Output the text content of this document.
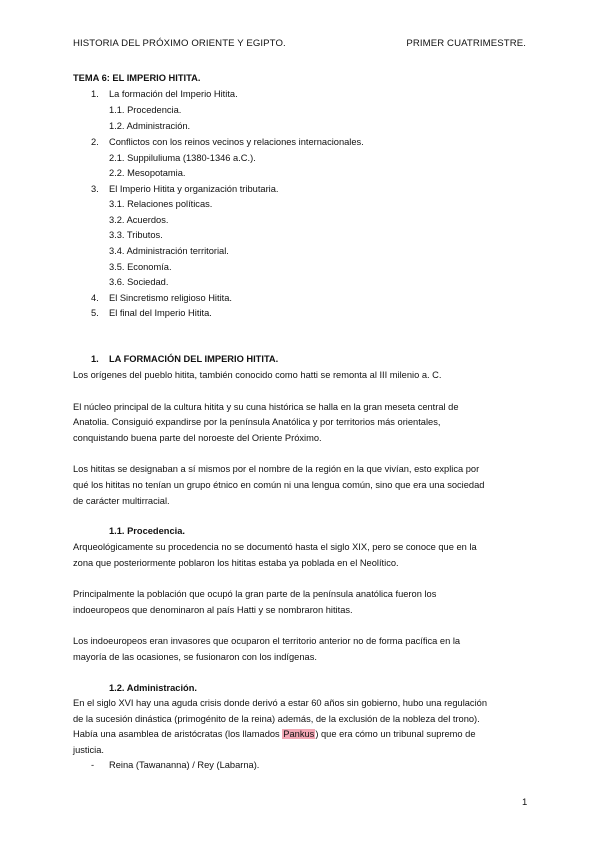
HISTORIA DEL PRÓXIMO ORIENTE Y EGIPTO.	PRIMER CUATRIMESTRE.
TEMA 6: EL IMPERIO HITITA.
1. La formación del Imperio Hitita.
1.1. Procedencia.
1.2. Administración.
2. Conflictos con los reinos vecinos y relaciones internacionales.
2.1. Suppiluliuma (1380-1346 a.C.).
2.2. Mesopotamia.
3. El Imperio Hitita y organización tributaria.
3.1. Relaciones políticas.
3.2. Acuerdos.
3.3. Tributos.
3.4. Administración territorial.
3.5. Economía.
3.6. Sociedad.
4. El Sincretismo religioso Hitita.
5. El final del Imperio Hitita.
1. LA FORMACIÓN DEL IMPERIO HITITA.
Los orígenes del pueblo hitita, también conocido como hatti se remonta al III milenio a. C.
El núcleo principal de la cultura hitita y su cuna histórica se halla en la gran meseta central de
Anatolia. Consiguió expandirse por la península Anatólica y por territorios más orientales,
conquistando buena parte del noroeste del Oriente Próximo.
Los hititas se designaban a sí mismos por el nombre de la región en la que vivían, esto explica por
qué los hititas no tenían un grupo étnico en común ni una lengua común, sino que era una sociedad
de carácter multirracial.
1.1. Procedencia.
Arqueológicamente su procedencia no se documentó hasta el siglo XIX, pero se conoce que en la
zona que posteriormente poblaron los hititas estaba ya poblada en el Neolítico.
Principalmente la población que ocupó la gran parte de la península anatólica fueron los
indoeuropeos que denominaron al país Hatti y se nombraron hititas.
Los indoeuropeos eran invasores que ocuparon el territorio anterior no de forma pacífica en la
mayoría de las ocasiones, se fusionaron con los indígenas.
1.2. Administración.
En el siglo XVI hay una aguda crisis donde derivó a estar 60 años sin gobierno, hubo una regulación
de la sucesión dinástica (primogénito de la reina) además, de la exclusión de la nobleza del trono).
Había una asamblea de aristócratas (los llamados Pankus) que era cómo un tribunal supremo de
justicia.
- Reina (Tawananna) / Rey (Labarna).
1
